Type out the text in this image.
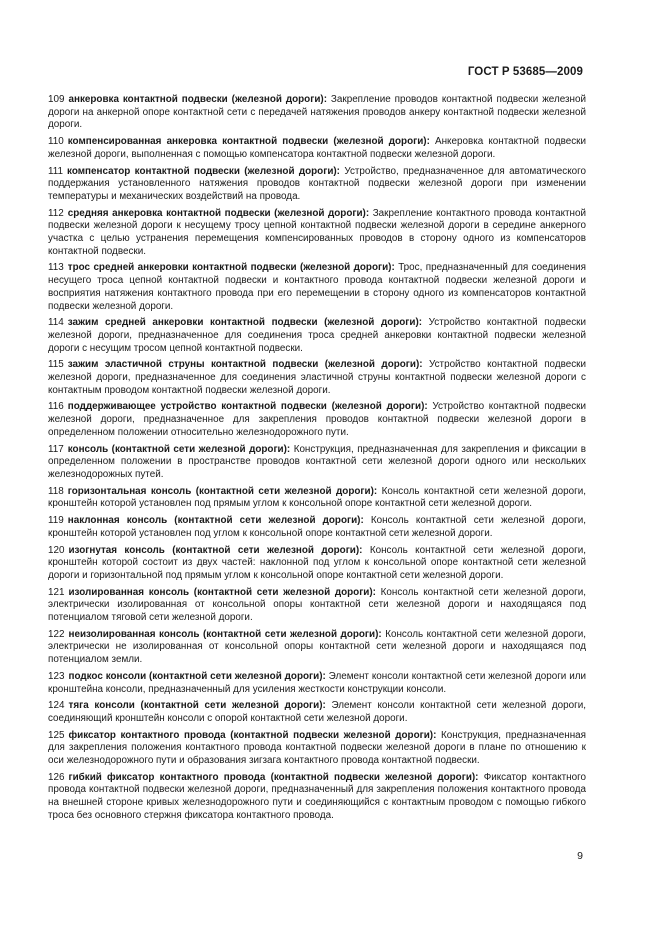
ГОСТ Р 53685—2009

109 анкеровка контактной подвески (железной дороги): Закрепление проводов контактной подвески железной дороги на анкерной опоре контактной сети с передачей натяжения проводов анкеру контактной подвески железной дороги.

110 компенсированная анкеровка контактной подвески (железной дороги): Анкеровка контактной подвески железной дороги, выполненная с помощью компенсатора контактной подвески железной дороги.

111 компенсатор контактной подвески (железной дороги): Устройство, предназначенное для автоматического поддержания установленного натяжения проводов контактной подвески железной дороги при изменении температуры и механических воздействий на провода.

112 средняя анкеровка контактной подвески (железной дороги): Закрепление контактного провода контактной подвески железной дороги к несущему тросу цепной контактной подвески железной дороги в середине анкерного участка с целью устранения перемещения компенсированных проводов в сторону одного из компенсаторов контактной подвески.

113 трос средней анкеровки контактной подвески (железной дороги): Трос, предназначенный для соединения несущего троса цепной контактной подвески и контактного провода контактной подвески железной дороги и восприятия натяжения контактного провода при его перемещении в сторону одного из компенсаторов контактной подвески железной дороги.

114 зажим средней анкеровки контактной подвески (железной дороги): Устройство контактной подвески железной дороги, предназначенное для соединения троса средней анкеровки контактной подвески железной дороги с несущим тросом цепной контактной подвески.

115 зажим эластичной струны контактной подвески (железной дороги): Устройство контактной подвески железной дороги, предназначенное для соединения эластичной струны контактной подвески железной дороги с контактным проводом контактной подвески железной дороги.

116 поддерживающее устройство контактной подвески (железной дороги): Устройство контактной подвески железной дороги, предназначенное для закрепления проводов контактной подвески железной дороги в определенном положении относительно железнодорожного пути.

117 консоль (контактной сети железной дороги): Конструкция, предназначенная для закрепления и фиксации в определенном положении в пространстве проводов контактной сети железной дороги одного или нескольких железнодорожных путей.

118 горизонтальная консоль (контактной сети железной дороги): Консоль контактной сети железной дороги, кронштейн которой установлен под прямым углом к консольной опоре контактной сети железной дороги.

119 наклонная консоль (контактной сети железной дороги): Консоль контактной сети железной дороги, кронштейн которой установлен под углом к консольной опоре контактной сети железной дороги.

120 изогнутая консоль (контактной сети железной дороги): Консоль контактной сети железной дороги, кронштейн которой состоит из двух частей: наклонной под углом к консольной опоре контактной сети железной дороги и горизонтальной под прямым углом к консольной опоре контактной сети железной дороги.

121 изолированная консоль (контактной сети железной дороги): Консоль контактной сети железной дороги, электрически изолированная от консольной опоры контактной сети железной дороги и находящаяся под потенциалом тяговой сети железной дороги.

122 неизолированная консоль (контактной сети железной дороги): Консоль контактной сети железной дороги, электрически не изолированная от консольной опоры контактной сети железной дороги и находящаяся под потенциалом земли.

123 подкос консоли (контактной сети железной дороги): Элемент консоли контактной сети железной дороги или кронштейна консоли, предназначенный для усиления жесткости конструкции консоли.

124 тяга консоли (контактной сети железной дороги): Элемент консоли контактной сети железной дороги, соединяющий кронштейн консоли с опорой контактной сети железной дороги.

125 фиксатор контактного провода (контактной подвески железной дороги): Конструкция, предназначенная для закрепления положения контактного провода контактной подвески железной дороги в плане по отношению к оси железнодорожного пути и образования зигзага контактного провода контактной подвески.

126 гибкий фиксатор контактного провода (контактной подвески железной дороги): Фиксатор контактного провода контактной подвески железной дороги, предназначенный для закрепления положения контактного провода на внешней стороне кривых железнодорожного пути и соединяющийся с контактным проводом с помощью гибкого троса без основного стержня фиксатора контактного провода.

9
